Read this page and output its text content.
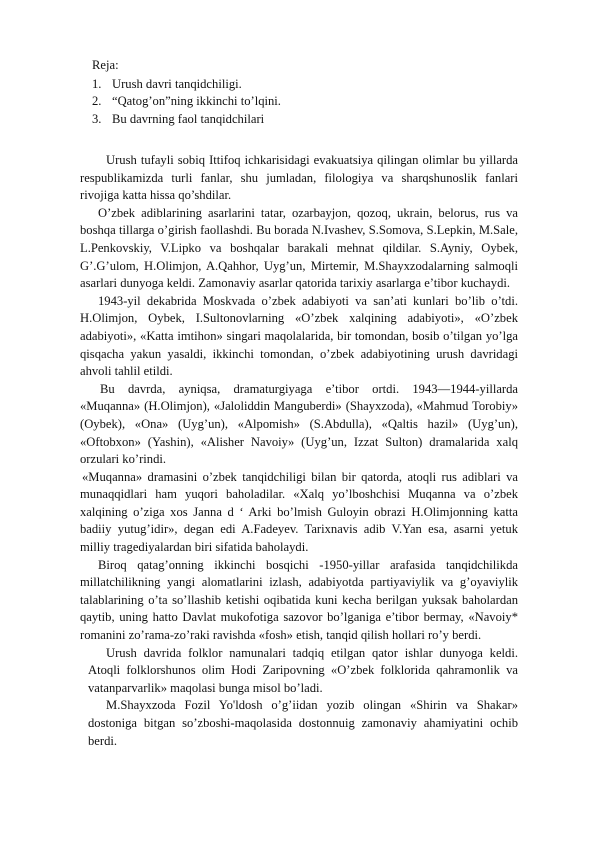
Reja:

1. Urush davri tanqidchiligi.
2. “Qatog’on”ning ikkinchi to’lqini.
3. Bu davrning faol tanqidchilari

Urush tufayli sobiq Ittifoq ichkarisidagi evakuatsiya qilingan olimlar bu yillarda respublikamizda turli fanlar, shu jumladan, filologiya va sharqshunoslik fanlari rivojiga katta hissa qo’shdilar.

O’zbek adiblarining asarlarini tatar, ozarbayjon, qozoq, ukrain, belorus, rus va boshqa tillarga o’girish faollashdi. Bu borada N.Ivashev, S.Somova, S.Lepkin, M.Sale, L.Penkovskiy, V.Lipko va boshqalar barakali mehnat qildilar. S.Ayniy, Oybek, G’.G’ulom, H.Olimjon, A.Qahhor, Uyg’un, Mirtemir, M.Shayxzodalarning salmoqli asarlari dunyoga keldi. Zamonaviy asarlar qatorida tarixiy asarlarga e’tibor kuchaydi.

1943-yil dekabrida Moskvada o’zbek adabiyoti va san’ati kunlari bo’lib o’tdi. H.Olimjon, Oybek, I.Sultonovlarning «O’zbek xalqining adabiyoti», «O’zbek adabiyoti», «Katta imtihon» singari maqolalarida, bir tomondan, bosib o’tilgan yo’lga qisqacha yakun yasaldi, ikkinchi tomondan, o’zbek adabiyotining urush davridagi ahvoli tahlil etildi.

Bu davrda, ayniqsa, dramaturgiyaga e’tibor ortdi. 1943—1944-yillarda «Muqanna» (H.Olimjon), «Jaloliddin Manguberdi» (Shayxzoda), «Mahmud Torobiy» (Oybek), «Ona» (Uyg’un), «Alpomish» (S.Abdulla), «Qaltis hazil» (Uyg’un), «Oftobxon» (Yashin), «Alisher Navoiy» (Uyg’un, Izzat Sulton) dramalarida xalq orzulari ko’rindi.

«Muqanna» dramasini o’zbek tanqidchiligi bilan bir qatorda, atoqli rus adiblari va munaqqidlari ham yuqori baholadilar. «Xalq yo’lboshchisi Muqanna va o’zbek xalqining o’ziga xos Janna d ‘ Arki bo’lmish Guloyin obrazi H.Olimjonning katta badiiy yutug’idir», degan edi A.Fadeyev. Tarixnavis adib V.Yan esa, asarni yetuk milliy tragediyalardan biri sifatida baholaydi.

Biroq qatag’onning ikkinchi bosqichi -1950-yillar arafasida tanqidchilikda millatchilikning yangi alomatlarini izlash, adabiyotda partiyaviylik va g’oyaviylik talablarining o’ta so’llashib ketishi oqibatida kuni kecha berilgan yuksak baholardan qaytib, uning hatto Davlat mukofotiga sazovor bo’lganiga e’tibor bermay, «Navoiy* romanini zo’rama-zo’raki ravishda «fosh» etish, tanqid qilish hollari ro’y berdi.

Urush davrida folklor namunalari tadqiq etilgan qator ishlar dunyoga keldi. Atoqli folklorshunos olim Hodi Zaripovning «O’zbek folklorida qahramonlik va vatanparvarlik» maqolasi bunga misol bo’ladi.

M.Shayxzoda Fozil Yo'ldosh o’g’iidan yozib olingan «Shirin va Shakar» dostoniga bitgan so’zboshi-maqolasida dostonnuig zamonaviy ahamiyatini ochib berdi.
